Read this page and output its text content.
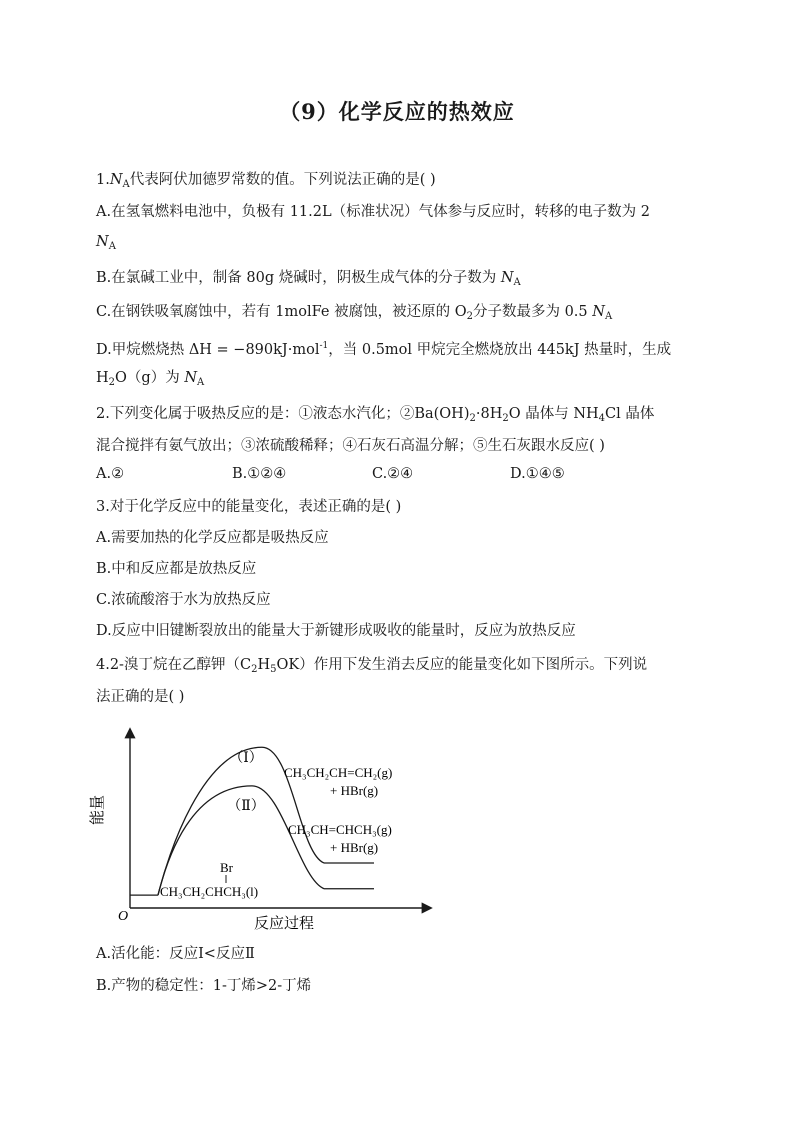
（9）化学反应的热效应
$1.N_A$代表阿伏加德罗常数的值。下列说法正确的是( )
A.在氢氧燃料电池中，负极有 11.2L（标准状况）气体参与反应时，转移的电子数为 2
$N_A$
B.在氯碱工业中，制备 80g 烧碱时，阴极生成气体的分子数为 $N_A$
C.在钢铁吸氧腐蚀中，若有 1molFe 被腐蚀，被还原的 $O_2$分子数最多为 0.5 $N_A$
D.甲烷燃烧热 ΔH = −890kJ·mol$^{-1}$，当 0.5mol 甲烷完全燃烧放出 445kJ 热量时，生成
$H_2O(g)$为 $N_A$
2.下列变化属于吸热反应的是：①液态水汽化；$②Ba(OH)_2\cdot 8H_2O$ 晶体与 $NH_4Cl$ 晶体
混合搅拌有氨气放出；③浓硫酸稀释；④石灰石高温分解；⑤生石灰跟水反应( )
A.②	B.①②④	C.②④	D.①④⑤
3.对于化学反应中的能量变化，表述正确的是( )
A.需要加热的化学反应都是吸热反应
B.中和反应都是放热反应
C.浓硫酸溶于水为放热反应
D.反应中旧键断裂放出的能量大于新键形成吸收的能量时，反应为放热反应
4.2-溴丁烷在乙醇钾$(C_2H_5OK)$作用下发生消去反应的能量变化如下图所示。下列说
法正确的是( )
O
能量
反应过程
（Ⅰ）
（Ⅱ）
CH₃CH₂CH=CH₂(g)
+ HBr(g)
CH₃CH=CHCH₃(g)
+ HBr(g)
Br
CH₃CH₂CHCH₃(l)
A.活化能：反应Ⅰ<反应Ⅱ
B.产物的稳定性：1-丁烯>2-丁烯
